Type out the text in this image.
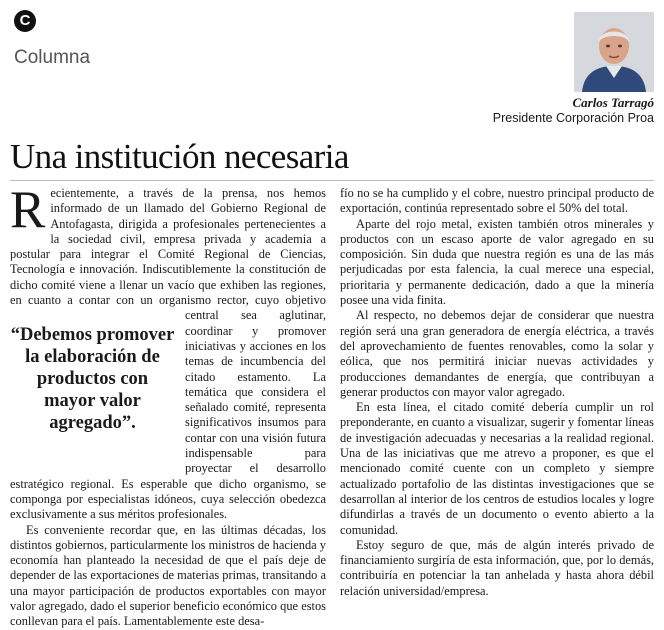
C
Columna
Carlos Tarragó
Presidente Corporación Proa
Una institución necesaria

R ecientemente, a través de la prensa, nos hemos informado de un llamado del Gobierno Regional de Antofagasta, dirigida a profesionales pertenecientes a la sociedad civil, empresa privada y academia a postular para integrar el Comité Regional de Ciencias, Tecnología e innovación. Indiscutiblemente la constitución de dicho comité viene a llenar un vacío que exhiben las regiones, en cuanto a contar con un organismo rector,
“Debemos promover la elaboración de productos con mayor valor agregado”.
cuyo objetivo central sea aglutinar, coordinar y promover iniciativas y acciones en los temas de incumbencia del citado estamento. La temática que considera el señalado comité, representa significativos insumos para contar con una visión futura indispensable para proyectar el desarrollo estratégico regional. Es esperable que dicho organismo, se componga por especialistas idóneos, cuya selección obedezca exclusivamente a sus méritos profesionales.

Es conveniente recordar que, en las últimas décadas, los distintos gobiernos, particularmente los ministros de hacienda y economía han planteado la necesidad de que el país deje de depender de las exportaciones de materias primas, transitando a una mayor participación de productos exportables con mayor valor agregado, dado el superior beneficio económico que estos conllevan para el país. Lamentablemente este desa-

fío no se ha cumplido y el cobre, nuestro principal producto de exportación, continúa representado sobre el 50% del total.

Aparte del rojo metal, existen también otros minerales y productos con un escaso aporte de valor agregado en su composición. Sin duda que nuestra región es una de las más perjudicadas por esta falencia, la cual merece una especial, prioritaria y permanente dedicación, dado a que la minería posee una vida finita.

Al respecto, no debemos dejar de considerar que nuestra región será una gran generadora de energía eléctrica, a través del aprovechamiento de fuentes renovables, como la solar y eólica, que nos permitirá iniciar nuevas actividades y producciones demandantes de energía, que contribuyan a generar productos con mayor valor agregado.

En esta línea, el citado comité debería cumplir un rol preponderante, en cuanto a visualizar, sugerir y fomentar líneas de investigación adecuadas y necesarias a la realidad regional. Una de las iniciativas que me atrevo a proponer, es que el mencionado comité cuente con un completo y siempre actualizado portafolio de las distintas investigaciones que se desarrollan al interior de los centros de estudios locales y logre difundirlas a través de un documento o evento abierto a la comunidad.

Estoy seguro de que, más de algún interés privado de financiamiento surgiría de esta información, que, por lo demás, contribuiría en potenciar la tan anhelada y hasta ahora débil relación universidad/empresa.
